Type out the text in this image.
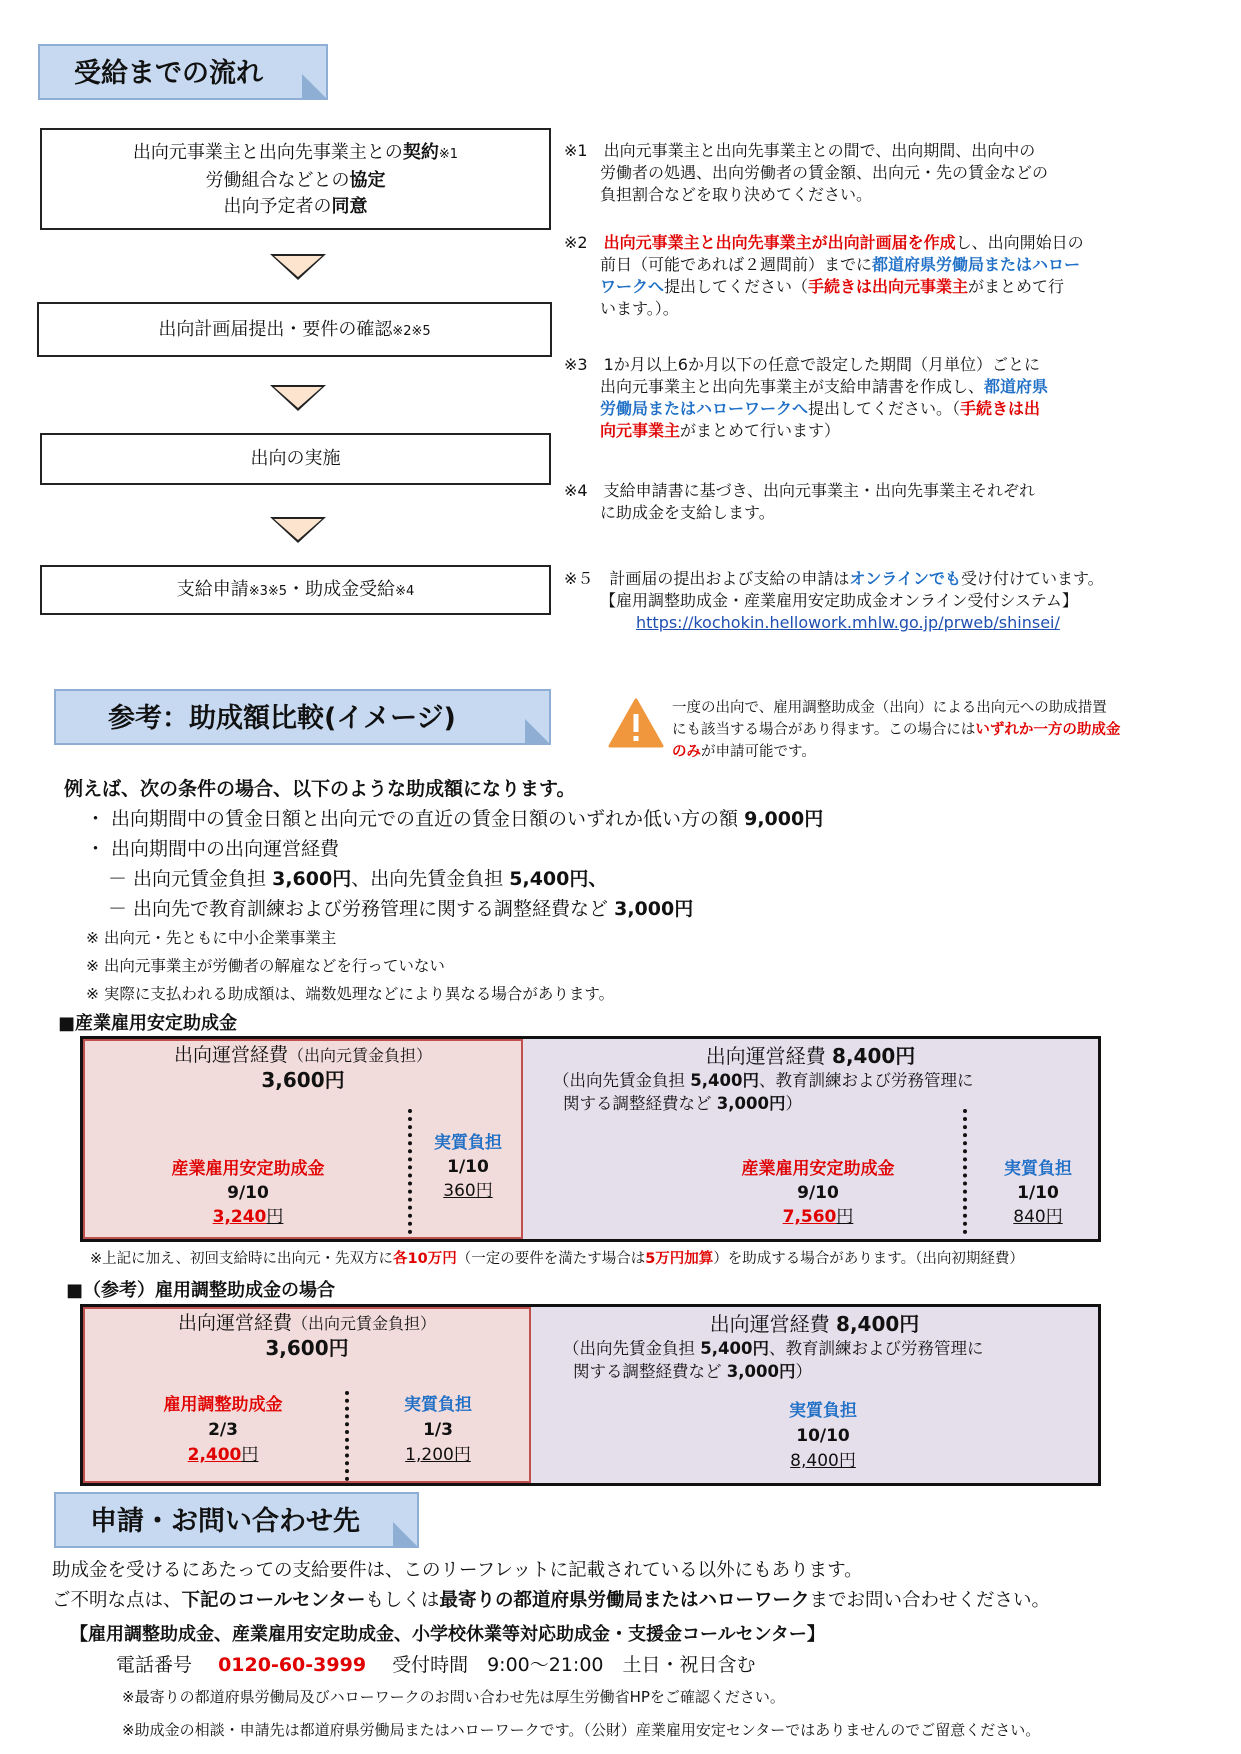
受給までの流れ
出向元事業主と出向先事業主との契約※1
労働組合などとの協定
出向予定者の同意
出向計画届提出・要件の確認※2※5
出向の実施
支給申請※3※5・助成金受給※4
※1　出向元事業主と出向先事業主との間で、出向期間、出向中の
労働者の処遇、出向労働者の賃金額、出向元・先の賃金などの
負担割合などを取り決めてください。
※2　出向元事業主と出向先事業主が出向計画届を作成し、出向開始日の
前日（可能であれば２週間前）までに都道府県労働局またはハロー
ワークへ提出してください（手続きは出向元事業主がまとめて行
います。）。
※3　1か月以上6か月以下の任意で設定した期間（月単位）ごとに
出向元事業主と出向先事業主が支給申請書を作成し、都道府県
労働局またはハローワークへ提出してください。（手続きは出
向元事業主がまとめて行います）
※4　支給申請書に基づき、出向元事業主・出向先事業主それぞれ
に助成金を支給します。
※５　計画届の提出および支給の申請はオンラインでも受け付けています。
【雇用調整助成金・産業雇用安定助成金オンライン受付システム】
https://kochokin.hellowork.mhlw.go.jp/prweb/shinsei/
参考：助成額比較(イメージ)	一度の出向で、雇用調整助成金（出向）による出向元への助成措置
にも該当する場合があり得ます。この場合にはいずれか一方の助成金
のみが申請可能です。
例えば、次の条件の場合、以下のような助成額になります。
・ 出向期間中の賃金日額と出向元での直近の賃金日額のいずれか低い方の額 9,000円
・ 出向期間中の出向運営経費
－ 出向元賃金負担 3,600円、出向先賃金負担 5,400円、
－ 出向先で教育訓練および労務管理に関する調整経費など 3,000円
※ 出向元・先ともに中小企業事業主
※ 出向元事業主が労働者の解雇などを行っていない
※ 実際に支払われる助成額は、端数処理などにより異なる場合があります。
■産業雇用安定助成金
出向運営経費（出向元賃金負担）
3,600円
産業雇用安定助成金
9/10
3,240円
実質負担
1/10
360円
出向運営経費 8,400円
（出向先賃金負担 5,400円、教育訓練および労務管理に
関する調整経費など 3,000円）
産業雇用安定助成金
9/10
7,560円
実質負担
1/10
840円
※上記に加え、初回支給時に出向元・先双方に各10万円（一定の要件を満たす場合は5万円加算）を助成する場合があります。（出向初期経費）
■（参考）雇用調整助成金の場合
出向運営経費（出向元賃金負担）
3,600円
雇用調整助成金
2/3
2,400円
実質負担
1/3
1,200円
出向運営経費 8,400円
（出向先賃金負担 5,400円、教育訓練および労務管理に
関する調整経費など 3,000円）
実質負担
10/10
8,400円
申請・お問い合わせ先
助成金を受けるにあたっての支給要件は、このリーフレットに記載されている以外にもあります。
ご不明な点は、下記のコールセンターもしくは最寄りの都道府県労働局またはハローワークまでお問い合わせください。
【雇用調整助成金、産業雇用安定助成金、小学校休業等対応助成金・支援金コールセンター】
電話番号 0120-60-3999 受付時間　9:00～21:00　土日・祝日含む
※最寄りの都道府県労働局及びハローワークのお問い合わせ先は厚生労働省HPをご確認ください。
※助成金の相談・申請先は都道府県労働局またはハローワークです。（公財）産業雇用安定センターではありませんのでご留意ください。
